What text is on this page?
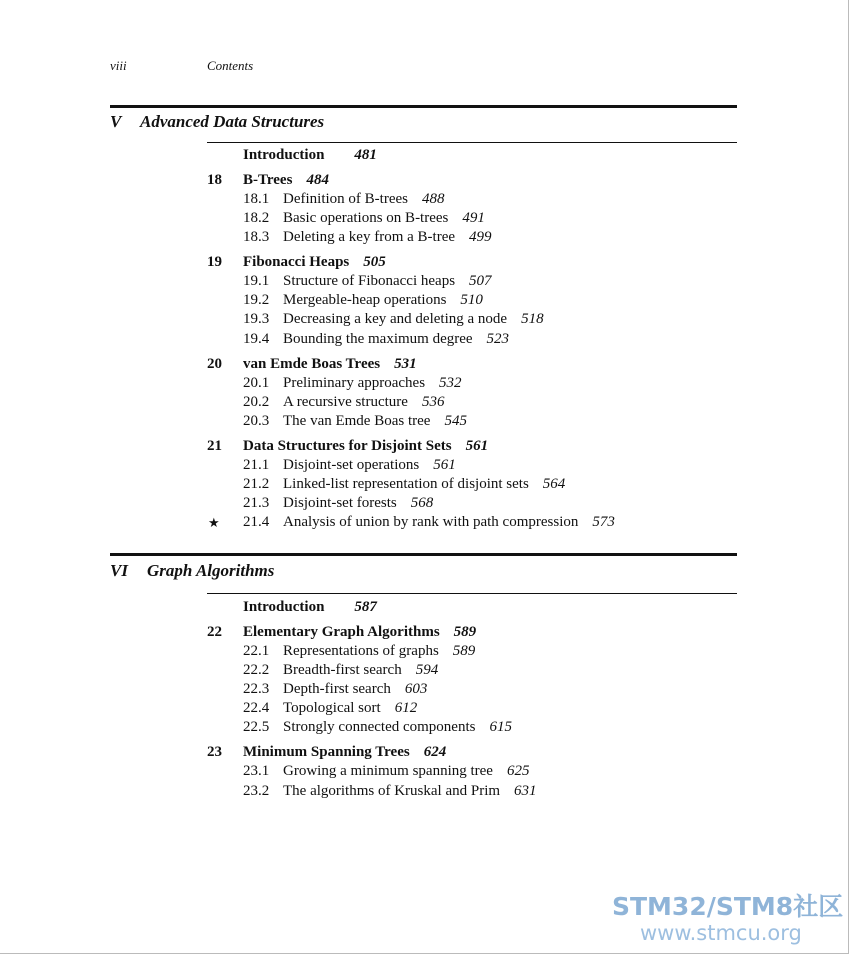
viii	Contents
V Advanced Data Structures
Introduction 481
18 B-Trees 484
18.1 Definition of B-trees 488
18.2 Basic operations on B-trees 491
18.3 Deleting a key from a B-tree 499
19 Fibonacci Heaps 505
19.1 Structure of Fibonacci heaps 507
19.2 Mergeable-heap operations 510
19.3 Decreasing a key and deleting a node 518
19.4 Bounding the maximum degree 523
20 van Emde Boas Trees 531
20.1 Preliminary approaches 532
20.2 A recursive structure 536
20.3 The van Emde Boas tree 545
21 Data Structures for Disjoint Sets 561
21.1 Disjoint-set operations 561
21.2 Linked-list representation of disjoint sets 564
21.3 Disjoint-set forests 568
★ 21.4 Analysis of union by rank with path compression 573
VI Graph Algorithms
Introduction 587
22 Elementary Graph Algorithms 589
22.1 Representations of graphs 589
22.2 Breadth-first search 594
22.3 Depth-first search 603
22.4 Topological sort 612
22.5 Strongly connected components 615
23 Minimum Spanning Trees 624
23.1 Growing a minimum spanning tree 625
23.2 The algorithms of Kruskal and Prim 631
STM32/STM8社区
www.stmcu.org
